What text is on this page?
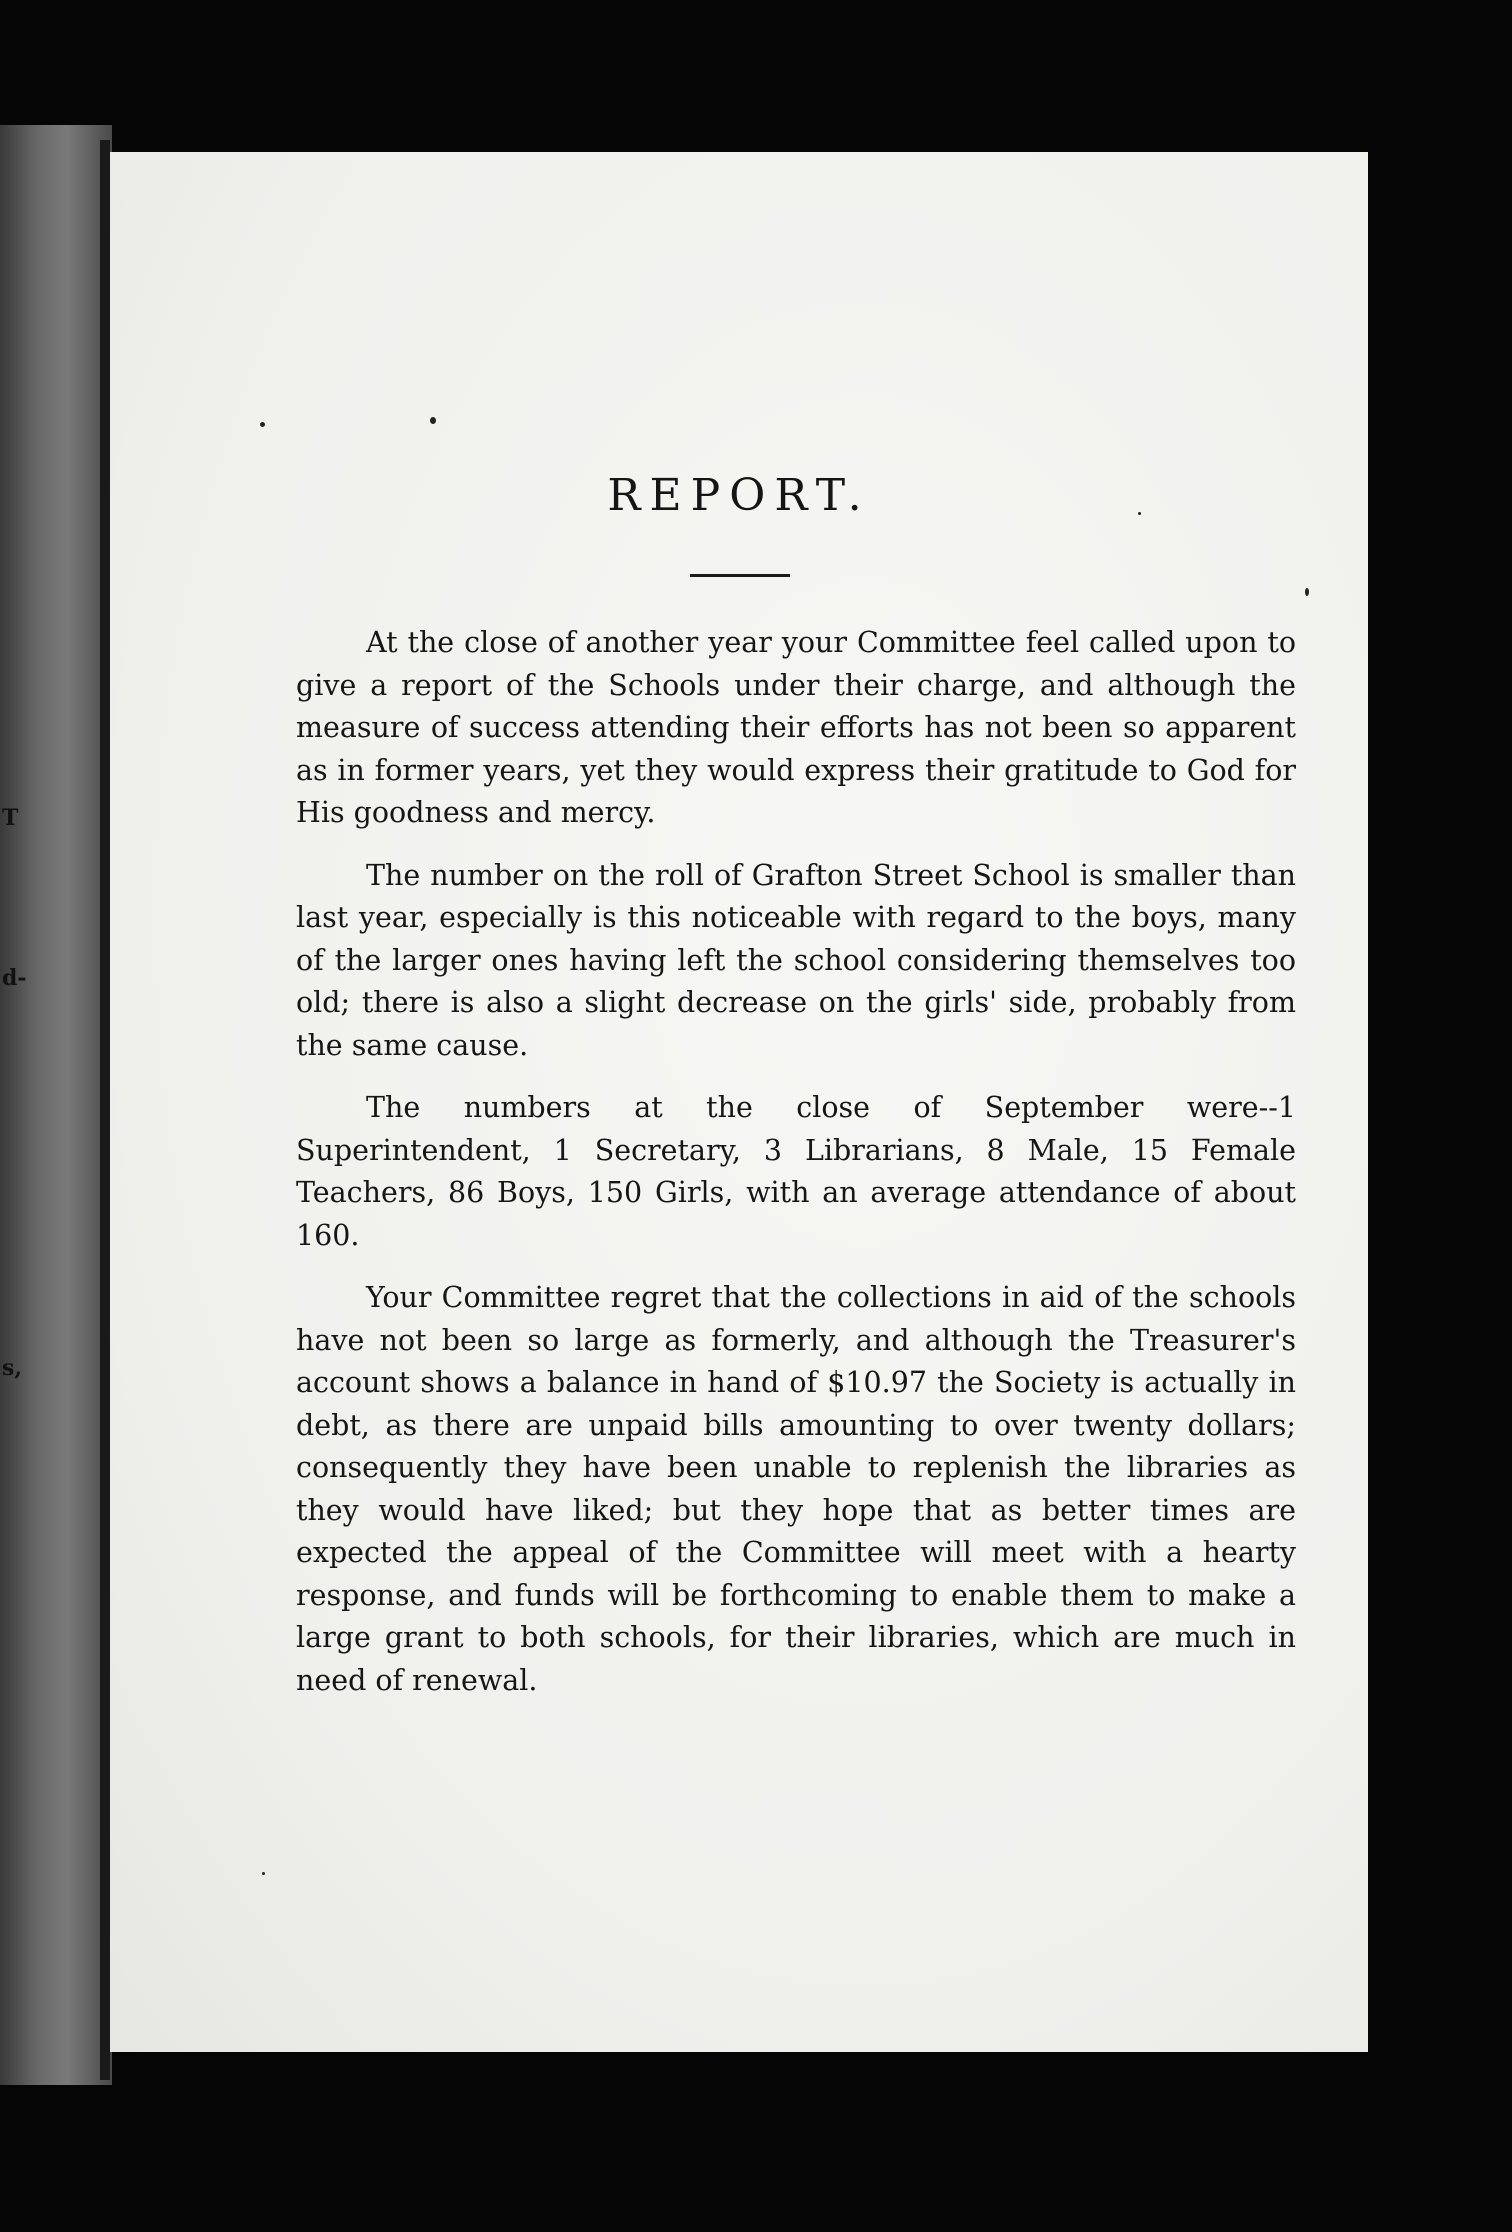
T
d-
s,
REPORT.

At the close of another year your Committee feel called upon to give a report of the Schools under their charge, and although the measure of success attending their efforts has not been so apparent as in former years, yet they would express their gratitude to God for His goodness and mercy.

The number on the roll of Grafton Street School is smaller than last year, especially is this noticeable with regard to the boys, many of the larger ones having left the school considering themselves too old; there is also a slight decrease on the girls' side, probably from the same cause.

The numbers at the close of September were--1 Superintendent, 1 Secretary, 3 Librarians, 8 Male, 15 Female Teachers, 86 Boys, 150 Girls, with an average attendance of about 160.

Your Committee regret that the collections in aid of the schools have not been so large as formerly, and although the Treasurer's account shows a balance in hand of $10.97 the Society is actually in debt, as there are unpaid bills amounting to over twenty dollars; consequently they have been unable to replenish the libraries as they would have liked; but they hope that as better times are expected the appeal of the Committee will meet with a hearty response, and funds will be forthcoming to enable them to make a large grant to both schools, for their libraries, which are much in need of renewal.
